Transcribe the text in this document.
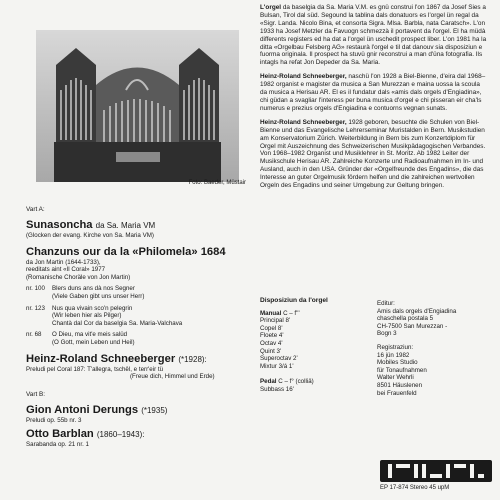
Foto: Baeder, Müstair
Vart A:
Sunasoncha da Sa. Maria VM

(Glocken der evang. Kirche von Sa. Maria VM)

Chanzuns our da la «Philomela» 1684

da Jon Martin (1644-1733),

reeditats aint «Il Coral» 1977

(Romanische Choräle von Jon Martin)

nr. 100	Blers duns ans dà nos Segner
(Viele Gaben gibt uns unser Herr)
nr. 123	Nus qua vivain sco'n pelegrin
(Wir leben hier als Pilger)
Chantà dal Cor da baselgia Sa. Maria-Valchava
nr. 68	O Dieu, ma vit'e meis salüd
(O Gott, mein Leben und Heil)
Heinz-Roland Schneeberger (*1928):

Preludi pel Coral 187: T'allegra, tschêl, e terr'eir tü

(Freue dich, Himmel und Erde)

Vart B:
Gion Antoni Derungs (*1935)

Preludi op. 55b nr. 3

Otto Barblan (1860–1943):

Sarabanda op. 21 nr. 1

L'orgel da baselgia da Sa. Maria V.M. es gnü construi l'on 1867 da Josef Sies a Bulsan, Tirol dal süd. Segound la tablina dals donatuors es l'orgel ün regal da «Sigr. Landa. Nicolo Bina, et consorta Sigra. Mlsa. Barbla, nata Caratsch». L'on 1933 ha Josef Metzler da Favuogn schmezzà il portavent da l'orgel. El ha müdà differents registers ed ha dat a l'orgel ün uschedit prospect liber. L'on 1981 ha la ditta «Orgelbau Felsberg AG» restaurà l'orgel e til dat danouv sia disposiziun e fuorma originala. Il prospect ha stuvü gnir reconstrui a man d'üna fotografia. Ils intagls ha refat Jon Depeder da Sa. Maria.

Heinz-Roland Schneeberger, naschü l'on 1928 a Biel-Bienne, d'eira dal 1968–1982 organist e magister da musica a San Murezzan e maina uossa la scoula da musica a Herisau AR. El es il fundatur dals «amis dals orgels d'Engiadina», chi güdan a svagliar l'interess per buna musica d'orgel e chi pisseran eir cha'ls numerus e prezius orgels d'Engiadina e contuorns vegnan sunats.

Heinz-Roland Schneeberger, 1928 geboren, besuchte die Schulen von Biel-Bienne und das Evangelische Lehrerseminar Muristalden in Bern. Musikstudien am Konservatorium Zürich. Weiterbildung in Bern bis zum Konzertdiplom für Orgel mit Auszeichnung des Schweizerischen Musikpädagogischen Verbandes. Von 1968–1982 Organist und Musiklehrer in St. Moritz. Ab 1982 Leiter der Musikschule Herisau AR. Zahlreiche Konzerte und Radioaufnahmen im In- und Ausland, auch in den USA. Gründer der «Orgelfreunde des Engadins», die das Interesse an guter Orgelmusik fördern helfen und die zahlreichen wertvollen Orgeln des Engadins und seiner Umgebung zur Geltung bringen.

Disposiziun da l'orgel
Manual C – f'''
Principal 8'
Copel 8'
Floete 4'
Octav 4'
Quint 3'
Superoctav 2'
Mixtur 3/á 1'
Pedal C – f° (colliä)
Subbass 16'
Editur:
Amis dals orgels d'Engiadina
chaschella postala 5
CH-7500 San Murezzan -
Bogn 3
Registraziun:
16 jün 1982
Mobiles Studio
für Tonaufnahmen
Walter Wehrli
8501 Häuslenen
bei Frauenfeld
EP 17-874 Stereo 45 upM
